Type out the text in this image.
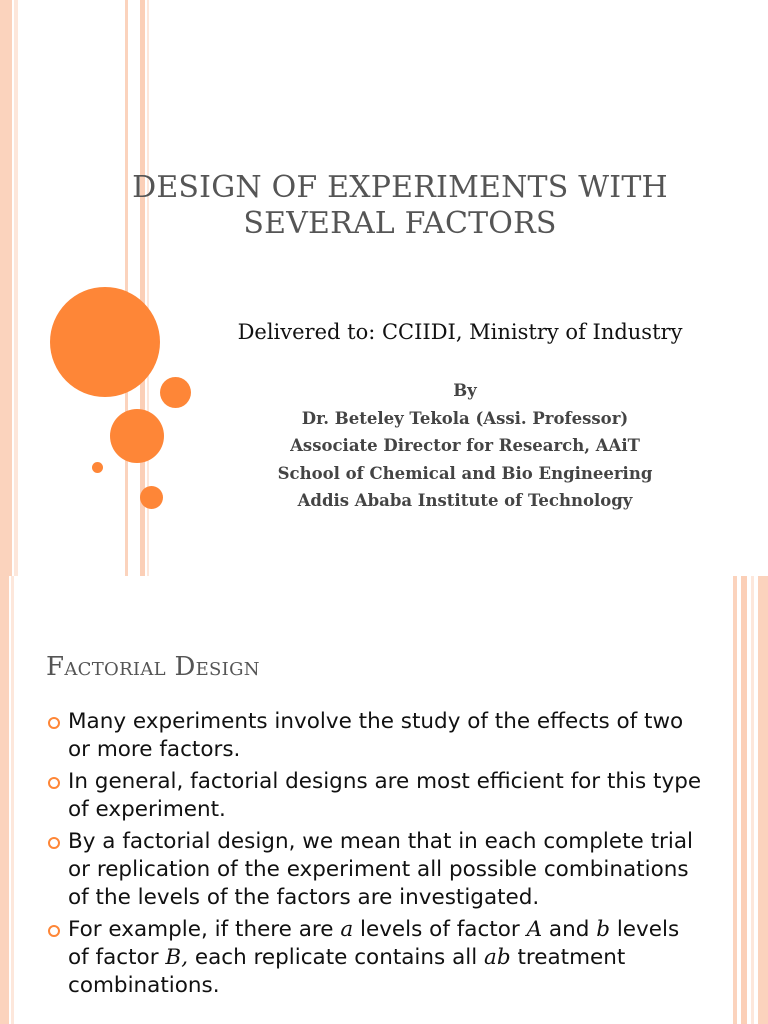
DESIGN OF EXPERIMENTS WITH
SEVERAL FACTORS
Delivered to: CCIIDI, Ministry of Industry
By
Dr. Beteley Tekola (Assi. Professor)
Associate Director for Research, AAiT
School of Chemical and Bio Engineering
Addis Ababa Institute of Technology
Factorial Design
Many experiments involve the study of the effects of two or more factors.
In general, factorial designs are most efficient for this type of experiment.
By a factorial design, we mean that in each complete trial or replication of the experiment all possible combinations of the levels of the factors are investigated.
For example, if there are a levels of factor A and b levels of factor B, each replicate contains all ab treatment combinations.
